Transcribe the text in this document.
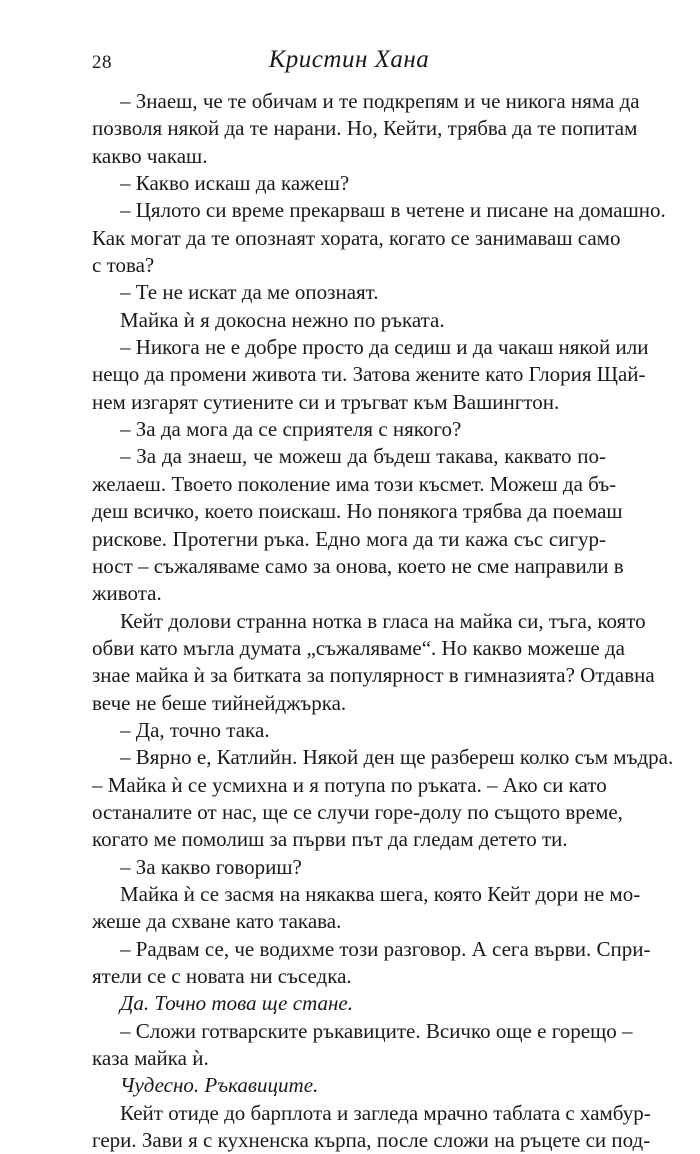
28	Кристин Хана
– Знаеш, че те обичам и те подкрепям и че никога няма да
позволя някой да те нарани. Но, Кейти, трябва да те попитам
какво чакаш.
– Какво искаш да кажеш?
– Цялото си време прекарваш в четене и писане на домашно.
Как могат да те опознаят хората, когато се занимаваш само
с това?
– Те не искат да ме опознаят.
Майка ѝ я докосна нежно по ръката.
– Никога не е добре просто да седиш и да чакаш някой или
нещо да промени живота ти. Затова жените като Глория Щай-
нем изгарят сутиените си и тръгват към Вашингтон.
– За да мога да се сприятеля с някого?
– За да знаеш, че можеш да бъдеш такава, каквато по-
желаеш. Твоето поколение има този късмет. Можеш да бъ-
деш всичко, което поискаш. Но понякога трябва да поемаш
рискове. Протегни ръка. Едно мога да ти кажа със сигур-
ност – съжаляваме само за онова, което не сме направили в
живота.
Кейт долови странна нотка в гласа на майка си, тъга, която
обви като мъгла думата „съжаляваме“. Но какво можеше да
знае майка ѝ за битката за популярност в гимназията? Отдавна
вече не беше тийнейджърка.
– Да, точно така.
– Вярно е, Катлийн. Някой ден ще разбереш колко съм мъдра.
– Майка ѝ се усмихна и я потупа по ръката. – Ако си като
останалите от нас, ще се случи горе-долу по същото време,
когато ме помолиш за първи път да гледам детето ти.
– За какво говориш?
Майка ѝ се засмя на някаква шега, която Кейт дори не мо-
жеше да схване като такава.
– Радвам се, че водихме този разговор. А сега върви. Спри-
ятели се с новата ни съседка.
Да. Точно това ще стане.
– Сложи готварските ръкавиците. Всичко още е горещо –
каза майка ѝ.
Чудесно. Ръкавиците.
Кейт отиде до барплота и загледа мрачно таблата с хамбур-
гери. Зави я с кухненска кърпа, после сложи на ръцете си под-
